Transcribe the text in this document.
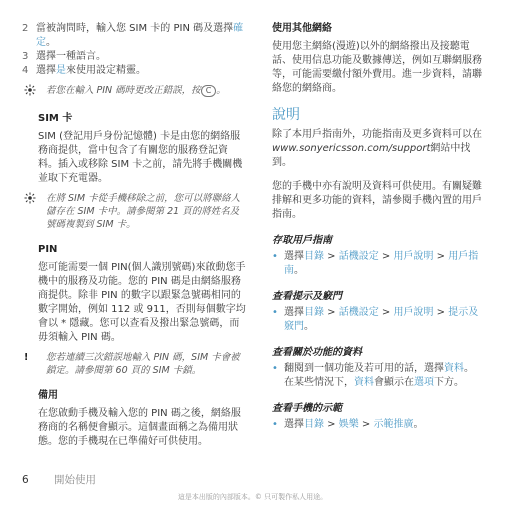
2 當被詢問時，輸入您 SIM 卡的 PIN 碼及選擇確定。
3 選擇一種語言。
4 選擇是來使用設定精靈。
若您在輸入 PIN 碼時更改正錯誤，按 C 。
SIM 卡

SIM (登記用戶身份記憶體) 卡是由您的網絡服務商提供，當中包含了有關您的服務登記資料。插入或移除 SIM 卡之前，請先將手機關機並取下充電器。

在將 SIM 卡從手機移除之前，您可以將聯絡人儲存在 SIM 卡中。請參閱第 21 頁的將姓名及號碼複製到 SIM 卡。
PIN

您可能需要一個 PIN(個人識別號碼)來啟動您手機中的服務及功能。您的 PIN 碼是由網絡服務商提供。除非 PIN 的數字以跟緊急號碼相同的數字開始，例如 112 或 911，否則每個數字均會以 * 隱藏。您可以查看及撥出緊急號碼，而毋須輸入 PIN 碼。

!	您若連續三次錯誤地輸入 PIN 碼，SIM 卡會被鎖定。請參閱第 60 頁的 SIM 卡鎖。
備用

在您啟動手機及輸入您的 PIN 碼之後，網絡服務商的名稱便會顯示。這個畫面稱之為備用狀態。您的手機現在已準備好可供使用。

使用其他網絡

使用您主網絡(漫遊)以外的網絡撥出及接聽電話、使用信息功能及數據傳送，例如互聯網服務等，可能需要繳付額外費用。進一步資料，請聯絡您的網絡商。

說明

除了本用戶指南外，功能指南及更多資料可以在www.sonyericsson.com/support網站中找到。

您的手機中亦有說明及資料可供使用。有關疑難排解和更多功能的資料，請參閱手機內置的用戶指南。

存取用戶指南
• 選擇目錄 > 話機設定 > 用戶說明 > 用戶指南。
查看提示及竅門
• 選擇目錄 > 話機設定 > 用戶說明 > 提示及竅門。
查看關於功能的資料
• 翻閱到一個功能及若可用的話，選擇資料。在某些情況下，資料會顯示在選項下方。
查看手機的示範
• 選擇目錄 > 娛樂 > 示範推廣。
6 開始使用
這是本出版的內部版本。© 只可製作私人用途。
